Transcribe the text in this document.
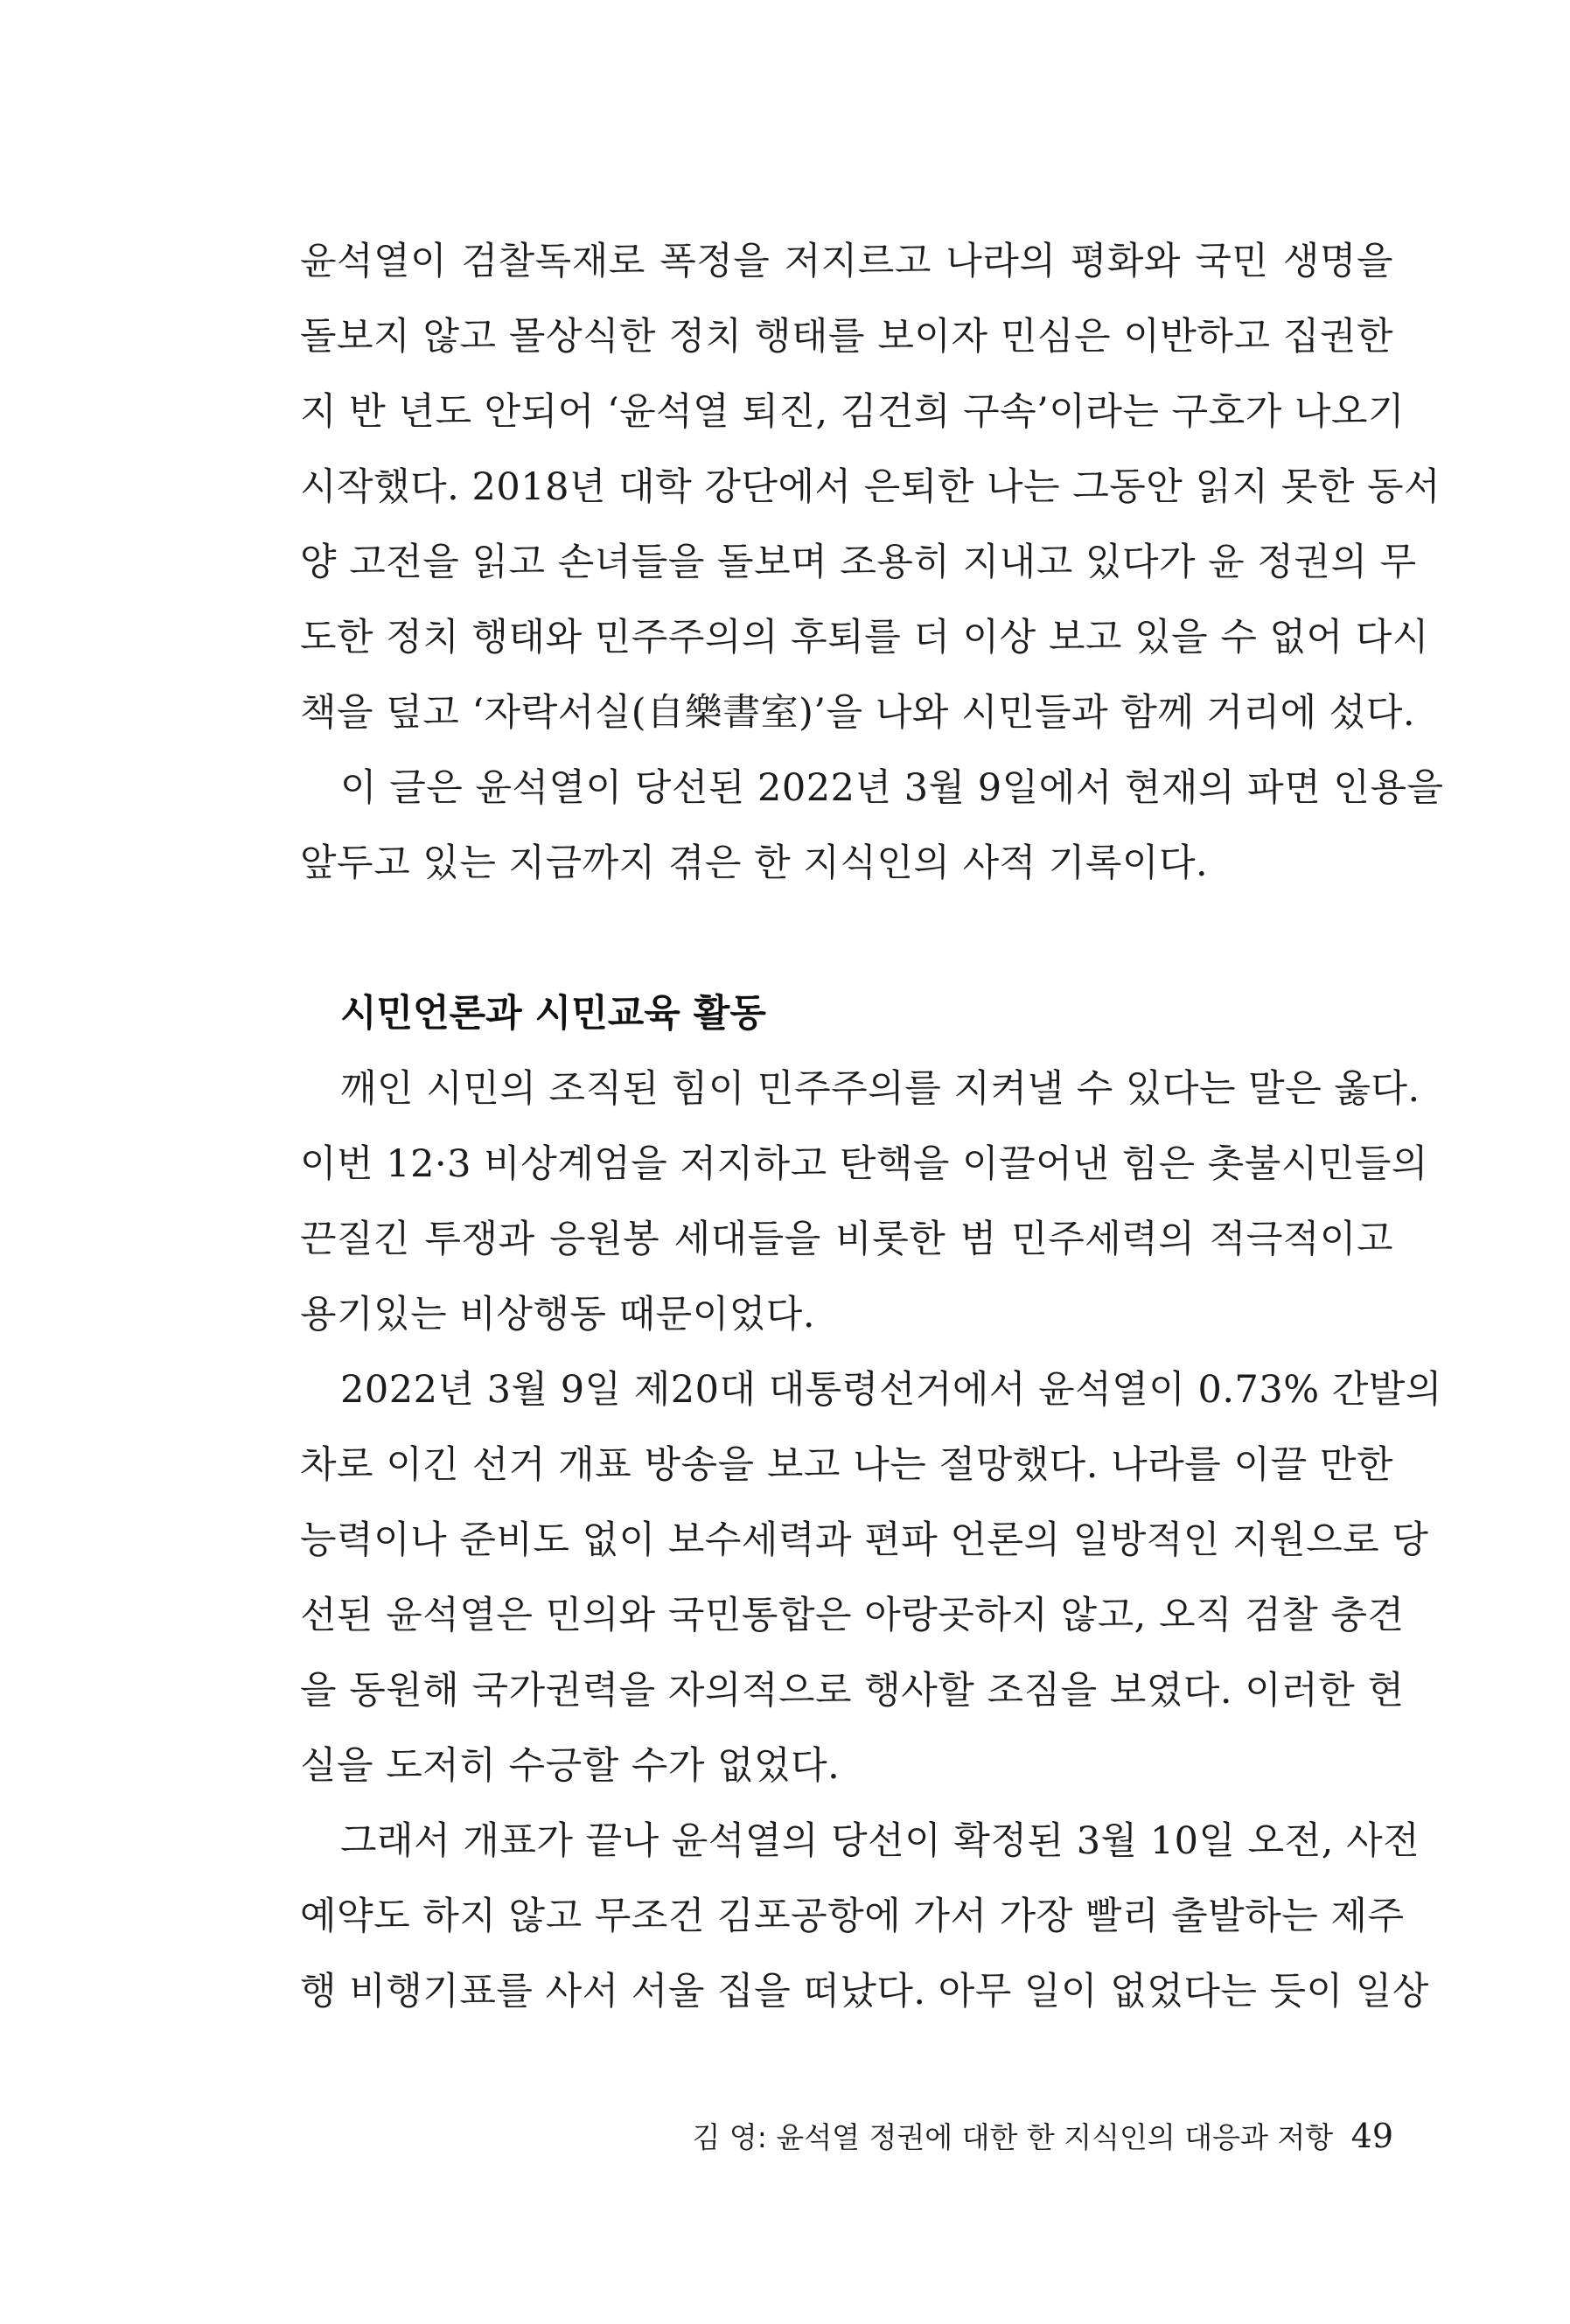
윤석열이 검찰독재로 폭정을 저지르고 나라의 평화와 국민 생명을
돌보지 않고 몰상식한 정치 행태를 보이자 민심은 이반하고 집권한
지 반 년도 안되어 ‘윤석열 퇴진, 김건희 구속’이라는 구호가 나오기
시작했다. 2018년 대학 강단에서 은퇴한 나는 그동안 읽지 못한 동서
양 고전을 읽고 손녀들을 돌보며 조용히 지내고 있다가 윤 정권의 무
도한 정치 행태와 민주주의의 후퇴를 더 이상 보고 있을 수 없어 다시
책을 덮고 ‘자락서실(自樂書室)’을 나와 시민들과 함께 거리에 섰다.
이 글은 윤석열이 당선된 2022년 3월 9일에서 현재의 파면 인용을
앞두고 있는 지금까지 겪은 한 지식인의 사적 기록이다.
시민언론과 시민교육 활동
깨인 시민의 조직된 힘이 민주주의를 지켜낼 수 있다는 말은 옳다.
이번 12·3 비상계엄을 저지하고 탄핵을 이끌어낸 힘은 촛불시민들의
끈질긴 투쟁과 응원봉 세대들을 비롯한 범 민주세력의 적극적이고
용기있는 비상행동 때문이었다.
2022년 3월 9일 제20대 대통령선거에서 윤석열이 0.73% 간발의
차로 이긴 선거 개표 방송을 보고 나는 절망했다. 나라를 이끌 만한
능력이나 준비도 없이 보수세력과 편파 언론의 일방적인 지원으로 당
선된 윤석열은 민의와 국민통합은 아랑곳하지 않고, 오직 검찰 충견
을 동원해 국가권력을 자의적으로 행사할 조짐을 보였다. 이러한 현
실을 도저히 수긍할 수가 없었다.
그래서 개표가 끝나 윤석열의 당선이 확정된 3월 10일 오전, 사전
예약도 하지 않고 무조건 김포공항에 가서 가장 빨리 출발하는 제주
행 비행기표를 사서 서울 집을 떠났다. 아무 일이 없었다는 듯이 일상
김 영: 윤석열 정권에 대한 한 지식인의 대응과 저항 49
